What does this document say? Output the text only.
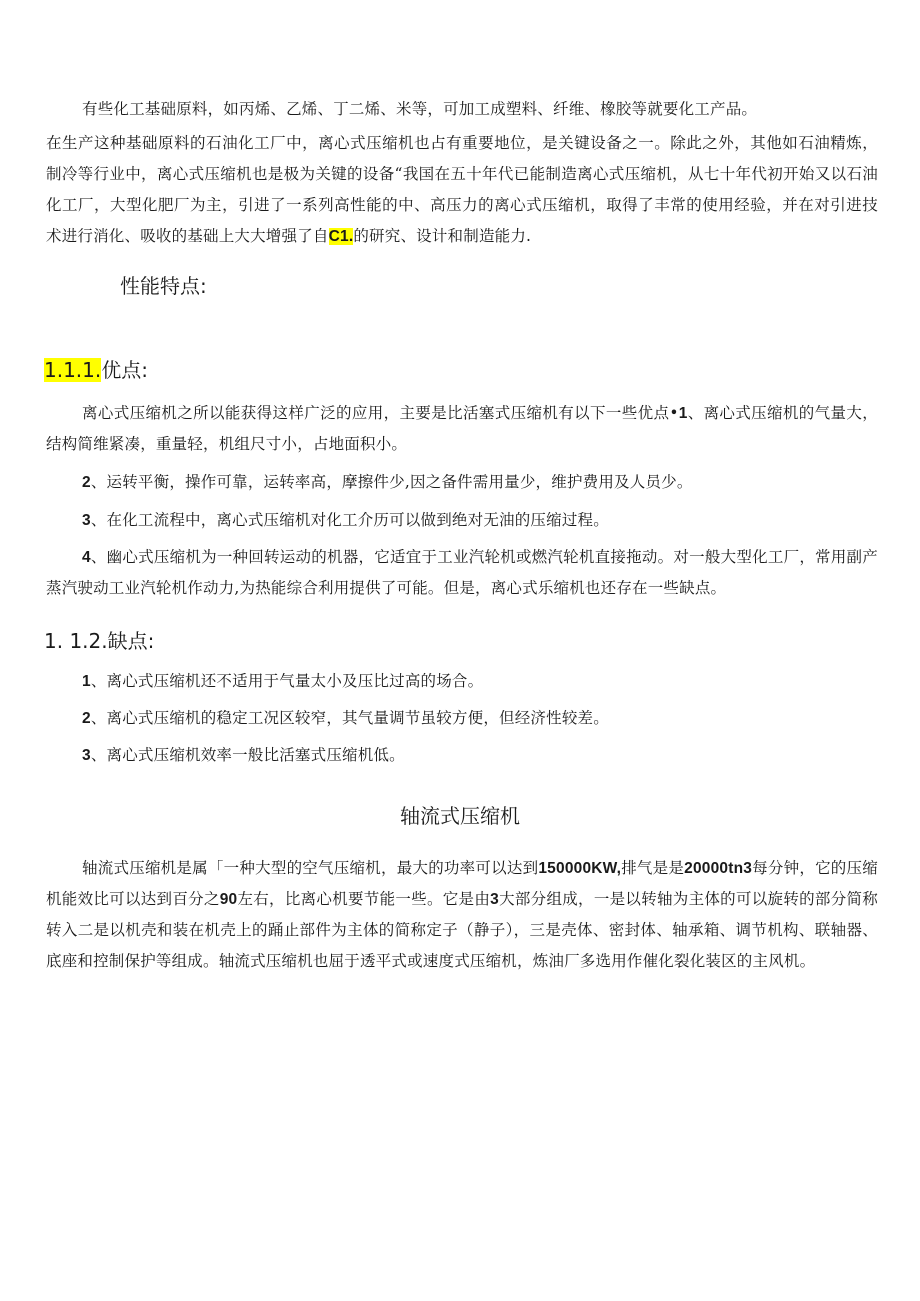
有些化工基础原料，如丙烯、乙烯、丁二烯、米等，可加工成塑料、纤维、橡胶等就要化工产品。

在生产这种基础原料的石油化工厂中，离心式压缩机也占有重要地位，是关键设备之一。除此之外，其他如石油精炼，制冷等行业中，离心式压缩机也是极为关键的设备“我国在五十年代已能制造离心式压缩机，从七十年代初开始又以石油化工厂，大型化肥厂为主，引进了一系列高性能的中、高压力的离心式压缩机，取得了丰常的使用经验，并在对引进技术进行消化、吸收的基础上大大增强了自C1.的研究、设计和制造能力.

性能特点:
1.1.1.优点:

离心式压缩机之所以能获得这样广泛的应用，主要是比活塞式压缩机有以下一些优点•1、离心式压缩机的气量大，结构简维紧凑，重量轻，机组尺寸小，占地面积小。

2、运转平衡，操作可靠，运转率高，摩擦件少,因之备件需用量少，维护费用及人员少。

3、在化工流程中，离心式压缩机对化工介历可以做到绝对无油的压缩过程。

4、幽心式压缩机为一种回转运动的机器，它适宜于工业汽轮机或燃汽轮机直接拖动。对一般大型化工厂，常用副产蒸汽驶动工业汽轮机作动力,为热能综合利用提供了可能。但是，离心式乐缩机也还存在一些缺点。

1. 1.2.缺点:

1、离心式压缩机还不适用于气量太小及压比过高的场合。

2、离心式压缩机的稳定工况区较窄，其气量调节虽较方便，但经济性较差。

3、离心式压缩机效率一般比活塞式压缩机低。

轴流式压缩机

轴流式压缩机是属「一种大型的空气压缩机，最大的功率可以达到150000KW,排气是是20000tn3每分钟，它的压缩机能效比可以达到百分之90左右，比离心机要节能一些。它是由3大部分组成，一是以转轴为主体的可以旋转的部分简称转入二是以机壳和装在机壳上的踊止部件为主体的简称定子（静子），三是壳体、密封体、轴承箱、调节机构、联轴器、底座和控制保护等组成。轴流式压缩机也屈于透平式或速度式压缩机，炼油厂多选用作催化裂化装区的主风机。
